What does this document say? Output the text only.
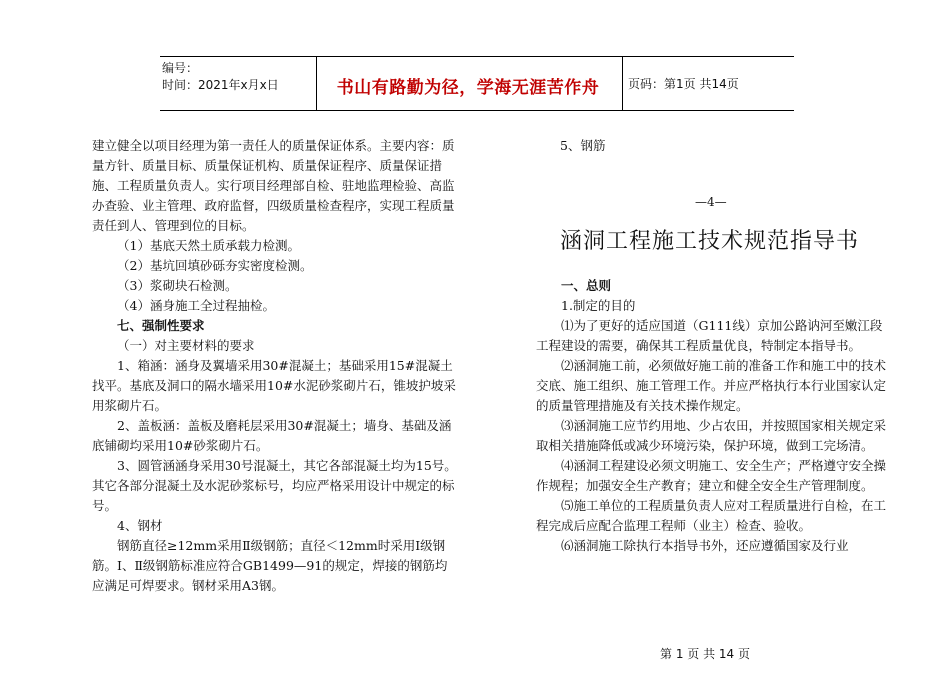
编号：
时间：2021年x月x日	书山有路勤为径，学海无涯苦作舟	页码：第1页 共14页

建立健全以项目经理为第一责任人的质量保证体系。主要内容：质量方针、质量目标、质量保证机构、质量保证程序、质量保证措施、工程质量负责人。实行项目经理部自检、驻地监理检验、高监办查验、业主管理、政府监督，四级质量检查程序，实现工程质量责任到人、管理到位的目标。

（1）基底天然土质承载力检测。

（2）基坑回填砂砾夯实密度检测。

（3）浆砌块石检测。

（4）涵身施工全过程抽检。

七、强制性要求

（一）对主要材料的要求

1、箱涵：涵身及翼墙采用30#混凝土；基础采用15#混凝土找平。基底及洞口的隔水墙采用10#水泥砂浆砌片石，锥坡护坡采用浆砌片石。

2、盖板涵：盖板及磨耗层采用30#混凝土；墙身、基础及涵底铺砌均采用10#砂浆砌片石。

3、圆管涵涵身采用30号混凝土，其它各部混凝土均为15号。其它各部分混凝土及水泥砂浆标号，均应严格采用设计中规定的标号。

4、钢材

钢筋直径≥12mm采用Ⅱ级钢筋；直径＜12mm时采用Ⅰ级钢筋。Ⅰ、Ⅱ级钢筋标准应符合GB1499—91的规定，焊接的钢筋均应满足可焊要求。钢材采用A3钢。

5、钢筋
—4—
涵洞工程施工技术规范指导书

一、总则

1.制定的目的

⑴为了更好的适应国道（G111线）京加公路讷河至嫩江段工程建设的需要，确保其工程质量优良，特制定本指导书。

⑵涵洞施工前，必须做好施工前的准备工作和施工中的技术交底、施工组织、施工管理工作。并应严格执行本行业国家认定的质量管理措施及有关技术操作规定。

⑶涵洞施工应节约用地、少占农田，并按照国家相关规定采取相关措施降低或减少环境污染，保护环境，做到工完场清。

⑷涵洞工程建设必须文明施工、安全生产；严格遵守安全操作规程；加强安全生产教育；建立和健全安全生产管理制度。

⑸施工单位的工程质量负责人应对工程质量进行自检，在工程完成后应配合监理工程师（业主）检查、验收。

⑹涵洞施工除执行本指导书外，还应遵循国家及行业

第 1 页 共 14 页
